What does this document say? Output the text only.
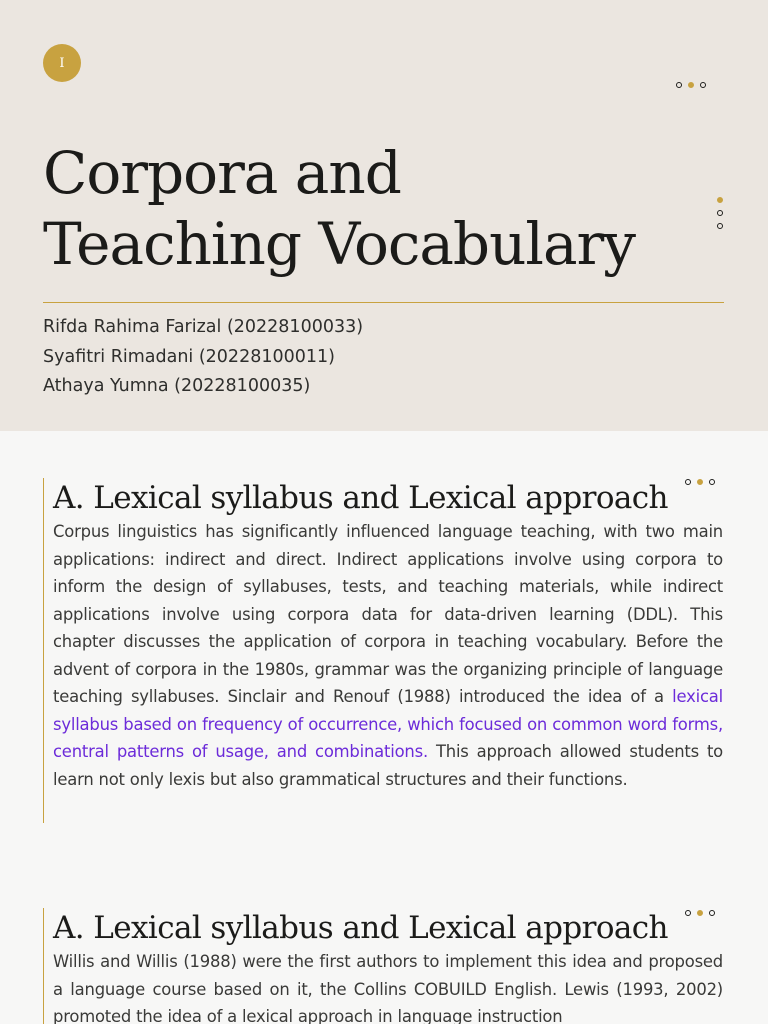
I
Corpora and
Teaching Vocabulary
Rifda Rahima Farizal (20228100033)
Syafitri Rimadani (20228100011)
Athaya Yumna (20228100035)
A. Lexical syllabus and Lexical approach

Corpus linguistics has significantly influenced language teaching, with two main applications: indirect and direct. Indirect applications involve using corpora to inform the design of syllabuses, tests, and teaching materials, while indirect applications involve using corpora data for data-driven learning (DDL). This chapter discusses the application of corpora in teaching vocabulary. Before the advent of corpora in the 1980s, grammar was the organizing principle of language teaching syllabuses. Sinclair and Renouf (1988) introduced the idea of a lexical syllabus based on frequency of occurrence, which focused on common word forms, central patterns of usage, and combinations. This approach allowed students to learn not only lexis but also grammatical structures and their functions.

A. Lexical syllabus and Lexical approach

Willis and Willis (1988) were the first authors to implement this idea and proposed a language course based on it, the Collins COBUILD English. Lewis (1993, 2002) promoted the idea of a lexical approach in language instruction
